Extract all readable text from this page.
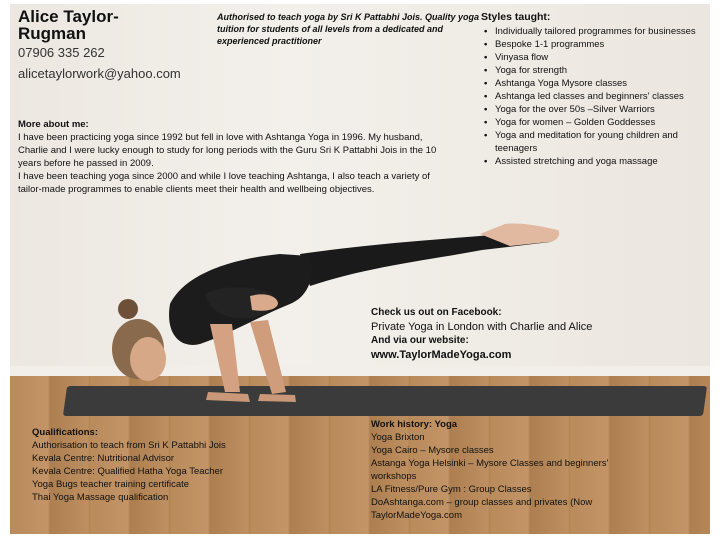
Alice Taylor-Rugman
07906 335 262
alicetaylorwork@yahoo.com
Authorised to teach yoga by Sri K Pattabhi Jois. Quality yoga tuition for students of all levels from a dedicated and experienced practitioner
More about me:
I have been practicing yoga since 1992 but fell in love with Ashtanga Yoga in 1996. My husband, Charlie and I were lucky enough to study for long periods with the Guru Sri K Pattabhi Jois in the 10 years before he passed in 2009.
I have been teaching yoga since 2000 and while I love teaching Ashtanga, I also teach a variety of tailor-made programmes to enable clients meet their health and wellbeing objectives.
Styles taught:
• Individually tailored programmes for businesses
• Bespoke 1-1 programmes
• Vinyasa flow
• Yoga for strength
• Ashtanga Yoga Mysore classes
• Ashtanga led classes and beginners' classes
• Yoga for the over 50s –Silver Warriors
• Yoga for women – Golden Goddesses
• Yoga and meditation for young children and teenagers
• Assisted stretching and yoga massage
Check us out on Facebook:
Private Yoga in London with Charlie and Alice
And via our website:
www.TaylorMadeYoga.com
Qualifications:
Authorisation to teach from Sri K Pattabhi Jois
Kevala Centre: Nutritional Advisor
Kevala Centre: Qualified Hatha Yoga Teacher
Yoga Bugs teacher training certificate
Thai Yoga Massage qualification
Work history: Yoga
Yoga Brixton
Yoga Cairo – Mysore classes
Astanga Yoga Helsinki – Mysore Classes and beginners' workshops
LA Fitness/Pure Gym : Group Classes
DoAshtanga.com – group classes and privates (Now TaylorMadeYoga.com
